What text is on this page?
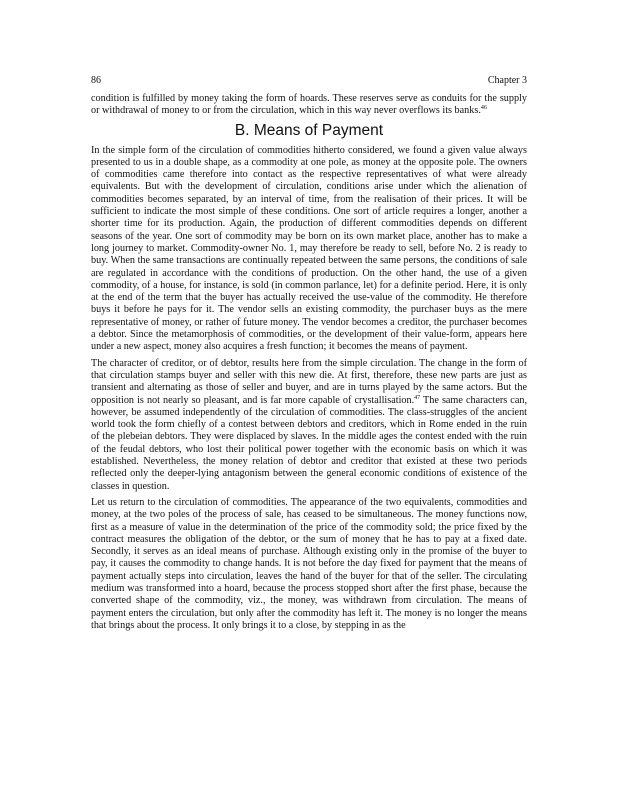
86	Chapter 3

condition is fulfilled by money taking the form of hoards. These reserves serve as conduits for the supply or withdrawal of money to or from the circulation, which in this way never overflows its banks.$^{46}$

B. Means of Payment

In the simple form of the circulation of commodities hitherto considered, we found a given value always presented to us in a double shape, as a commodity at one pole, as money at the opposite pole. The owners of commodities came therefore into contact as the respective representatives of what were already equivalents. But with the development of circulation, conditions arise under which the alienation of commodities becomes separated, by an interval of time, from the realisation of their prices. It will be sufficient to indicate the most simple of these conditions. One sort of article requires a longer, another a shorter time for its production. Again, the production of different commodities depends on different seasons of the year. One sort of commodity may be born on its own market place, another has to make a long journey to market. Commodity-owner No. 1, may therefore be ready to sell, before No. 2 is ready to buy. When the same transactions are continually repeated between the same persons, the conditions of sale are regulated in accordance with the conditions of production. On the other hand, the use of a given commodity, of a house, for instance, is sold (in common parlance, let) for a definite period. Here, it is only at the end of the term that the buyer has actually received the use-value of the commodity. He therefore buys it before he pays for it. The vendor sells an existing commodity, the purchaser buys as the mere representative of money, or rather of future money. The vendor becomes a creditor, the purchaser becomes a debtor. Since the metamorphosis of commodities, or the development of their value-form, appears here under a new aspect, money also acquires a fresh function; it becomes the means of payment.

The character of creditor, or of debtor, results here from the simple circulation. The change in the form of that circulation stamps buyer and seller with this new die. At first, therefore, these new parts are just as transient and alternating as those of seller and buyer, and are in turns played by the same actors. But the opposition is not nearly so pleasant, and is far more capable of crystallisation.$^{47}$ The same characters can, however, be assumed independently of the circulation of commodities. The class-struggles of the ancient world took the form chiefly of a contest between debtors and creditors, which in Rome ended in the ruin of the plebeian debtors. They were displaced by slaves. In the middle ages the contest ended with the ruin of the feudal debtors, who lost their political power together with the economic basis on which it was established. Nevertheless, the money relation of debtor and creditor that existed at these two periods reflected only the deeper-lying antagonism between the general economic conditions of existence of the classes in question.

Let us return to the circulation of commodities. The appearance of the two equivalents, commodities and money, at the two poles of the process of sale, has ceased to be simultaneous. The money functions now, first as a measure of value in the determination of the price of the commodity sold; the price fixed by the contract measures the obligation of the debtor, or the sum of money that he has to pay at a fixed date. Secondly, it serves as an ideal means of purchase. Although existing only in the promise of the buyer to pay, it causes the commodity to change hands. It is not before the day fixed for payment that the means of payment actually steps into circulation, leaves the hand of the buyer for that of the seller. The circulating medium was transformed into a hoard, because the process stopped short after the first phase, because the converted shape of the commodity, viz., the money, was withdrawn from circulation. The means of payment enters the circulation, but only after the commodity has left it. The money is no longer the means that brings about the process. It only brings it to a close, by stepping in as the
